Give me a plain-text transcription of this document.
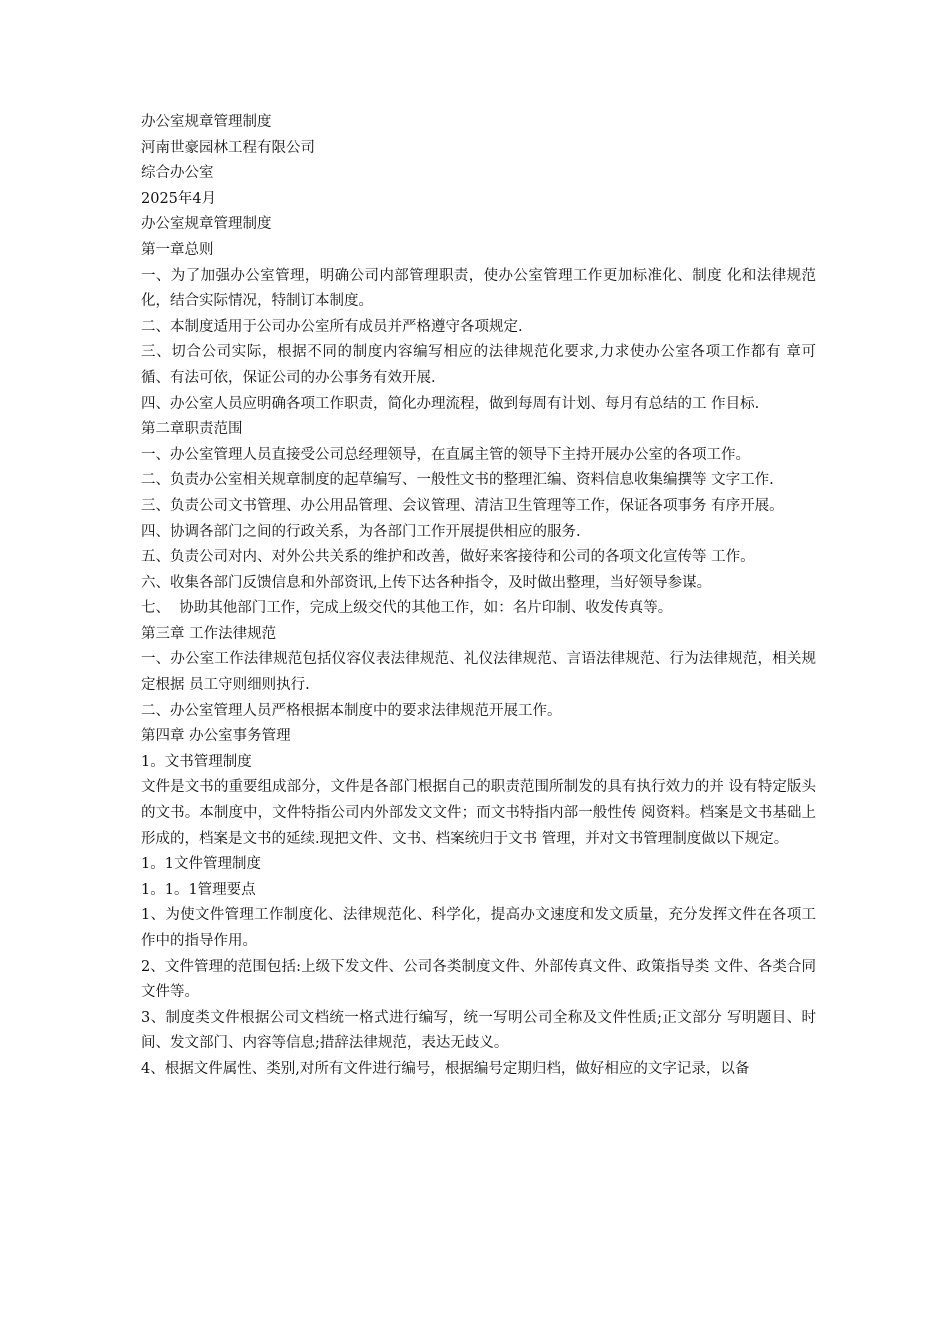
办公室规章管理制度

河南世豪园林工程有限公司

综合办公室

2025年4月

办公室规章管理制度

第一章总则

一、为了加强办公室管理，明确公司内部管理职责，使办公室管理工作更加标准化、制度 化和法律规范化，结合实际情况，特制订本制度。

二、本制度适用于公司办公室所有成员并严格遵守各项规定.

三、切合公司实际，根据不同的制度内容编写相应的法律规范化要求,力求使办公室各项工作都有 章可循、有法可依，保证公司的办公事务有效开展.

四、办公室人员应明确各项工作职责，简化办理流程，做到每周有计划、每月有总结的工 作目标.

第二章职责范围

一、办公室管理人员直接受公司总经理领导，在直属主管的领导下主持开展办公室的各项工作。

二、负责办公室相关规章制度的起草编写、一般性文书的整理汇编、资料信息收集编撰等 文字工作.

三、负责公司文书管理、办公用品管理、会议管理、清洁卫生管理等工作，保证各项事务 有序开展。

四、协调各部门之间的行政关系，为各部门工作开展提供相应的服务.

五、负责公司对内、对外公共关系的维护和改善，做好来客接待和公司的各项文化宣传等 工作。

六、收集各部门反馈信息和外部资讯,上传下达各种指令，及时做出整理，当好领导参谋。

七、  协助其他部门工作，完成上级交代的其他工作，如：名片印制、收发传真等。

第三章 工作法律规范

一、办公室工作法律规范包括仪容仪表法律规范、礼仪法律规范、言语法律规范、行为法律规范，相关规定根据 员工守则细则执行.

二、办公室管理人员严格根据本制度中的要求法律规范开展工作。

第四章 办公室事务管理

1。文书管理制度

文件是文书的重要组成部分，文件是各部门根据自己的职责范围所制发的具有执行效力的并 设有特定版头的文书。本制度中，文件特指公司内外部发文文件；而文书特指内部一般性传 阅资料。档案是文书基础上形成的，档案是文书的延续.现把文件、文书、档案统归于文书 管理，并对文书管理制度做以下规定。

1。1文件管理制度

1。1。1管理要点

1、为使文件管理工作制度化、法律规范化、科学化，提高办文速度和发文质量，充分发挥文件在各项工作中的指导作用。

2、文件管理的范围包括:上级下发文件、公司各类制度文件、外部传真文件、政策指导类 文件、各类合同文件等。

3、制度类文件根据公司文档统一格式进行编写，统一写明公司全称及文件性质;正文部分 写明题目、时间、发文部门、内容等信息;措辞法律规范，表达无歧义。

4、根据文件属性、类别,对所有文件进行编号，根据编号定期归档，做好相应的文字记录，以备
